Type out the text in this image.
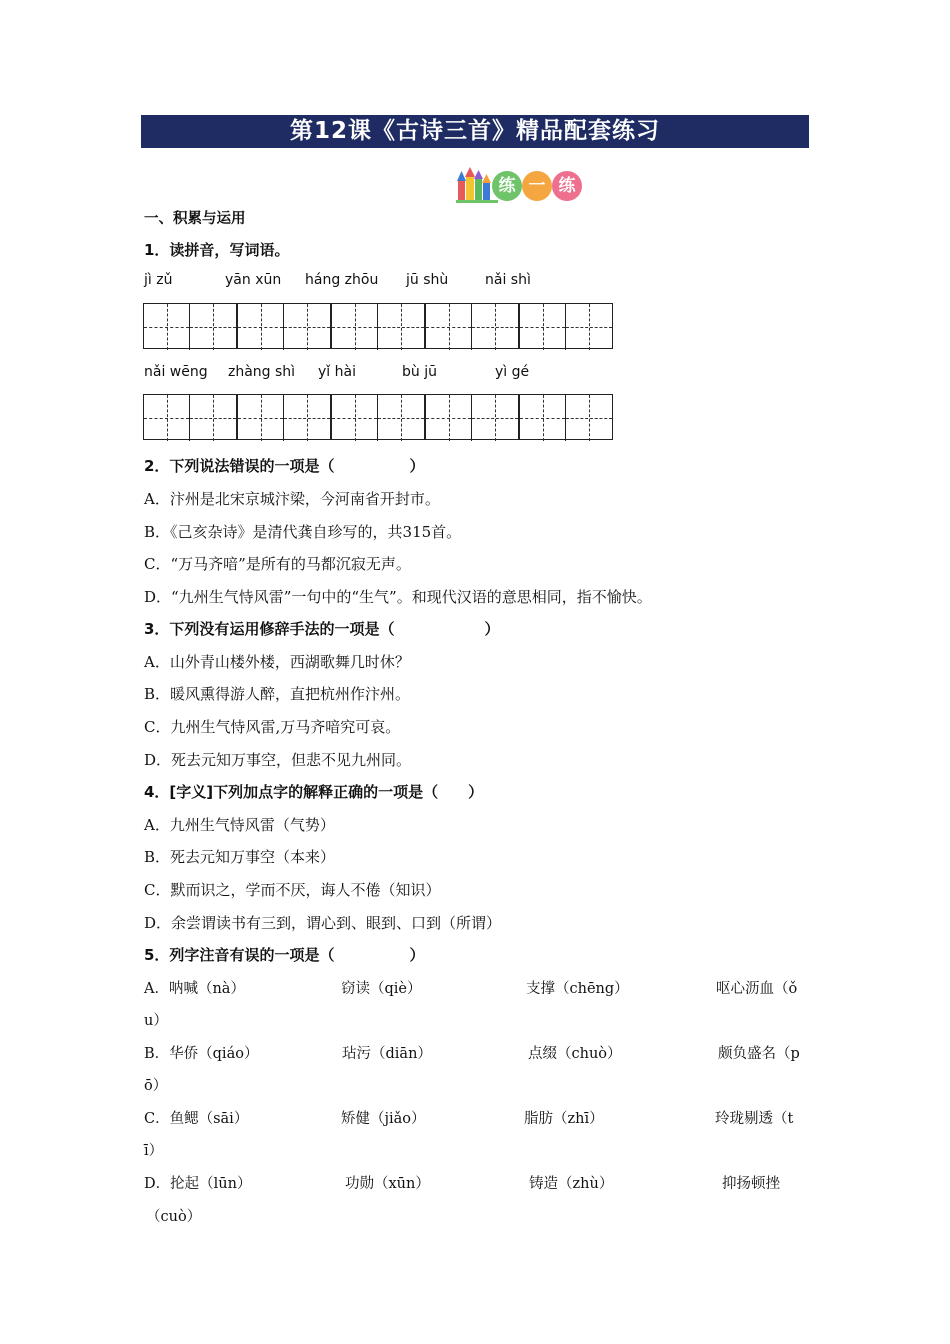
第12课《古诗三首》精品配套练习
练 一 练
一、积累与运用
1．读拼音，写词语。
jì zǔ	yān xūn háng zhōu jū shù	nǎi shì
nǎi wēng zhàng shì yǐ hài	bù jū	yì gé
2．下列说法错误的一项是（　　　　　）
A．汴州是北宋京城汴梁，今河南省开封市。
B．《己亥杂诗》是清代龚自珍写的，共315首。
C．“万马齐喑”是所有的马都沉寂无声。
D．“九州生气恃风雷”一句中的“生气”。和现代汉语的意思相同，指不愉快。
3．下列没有运用修辞手法的一项是（　　　　　　）
A．山外青山楼外楼，西湖歌舞几时休？
B．暖风熏得游人醉，直把杭州作汴州。
C．九州生气恃风雷,万马齐喑究可哀。
D．死去元知万事空，但悲不见九州同。
4．[字义]下列加点字的解释正确的一项是（　　）
A．九州生气恃风雷（气势）
B．死去元知万事空（本来）
C．默而识之，学而不厌，诲人不倦（知识）
D．余尝谓读书有三到，谓心到、眼到、口到（所谓）
5．列字注音有误的一项是（　　　　　）
A．呐喊（nà）	窃读（qiè）	支撑（chēng）	呕心沥血（ǒ
u）
B．华侨（qiáo）	玷污（diān）	点缀（chuò）	颇负盛名（p
ō）
C．鱼鳃（sāi）	矫健（jiǎo）	脂肪（zhī）	玲珑剔透（t
ī）
D．抡起（lūn）	功勋（xūn）	铸造（zhù）	抑扬顿挫
（cuò）
